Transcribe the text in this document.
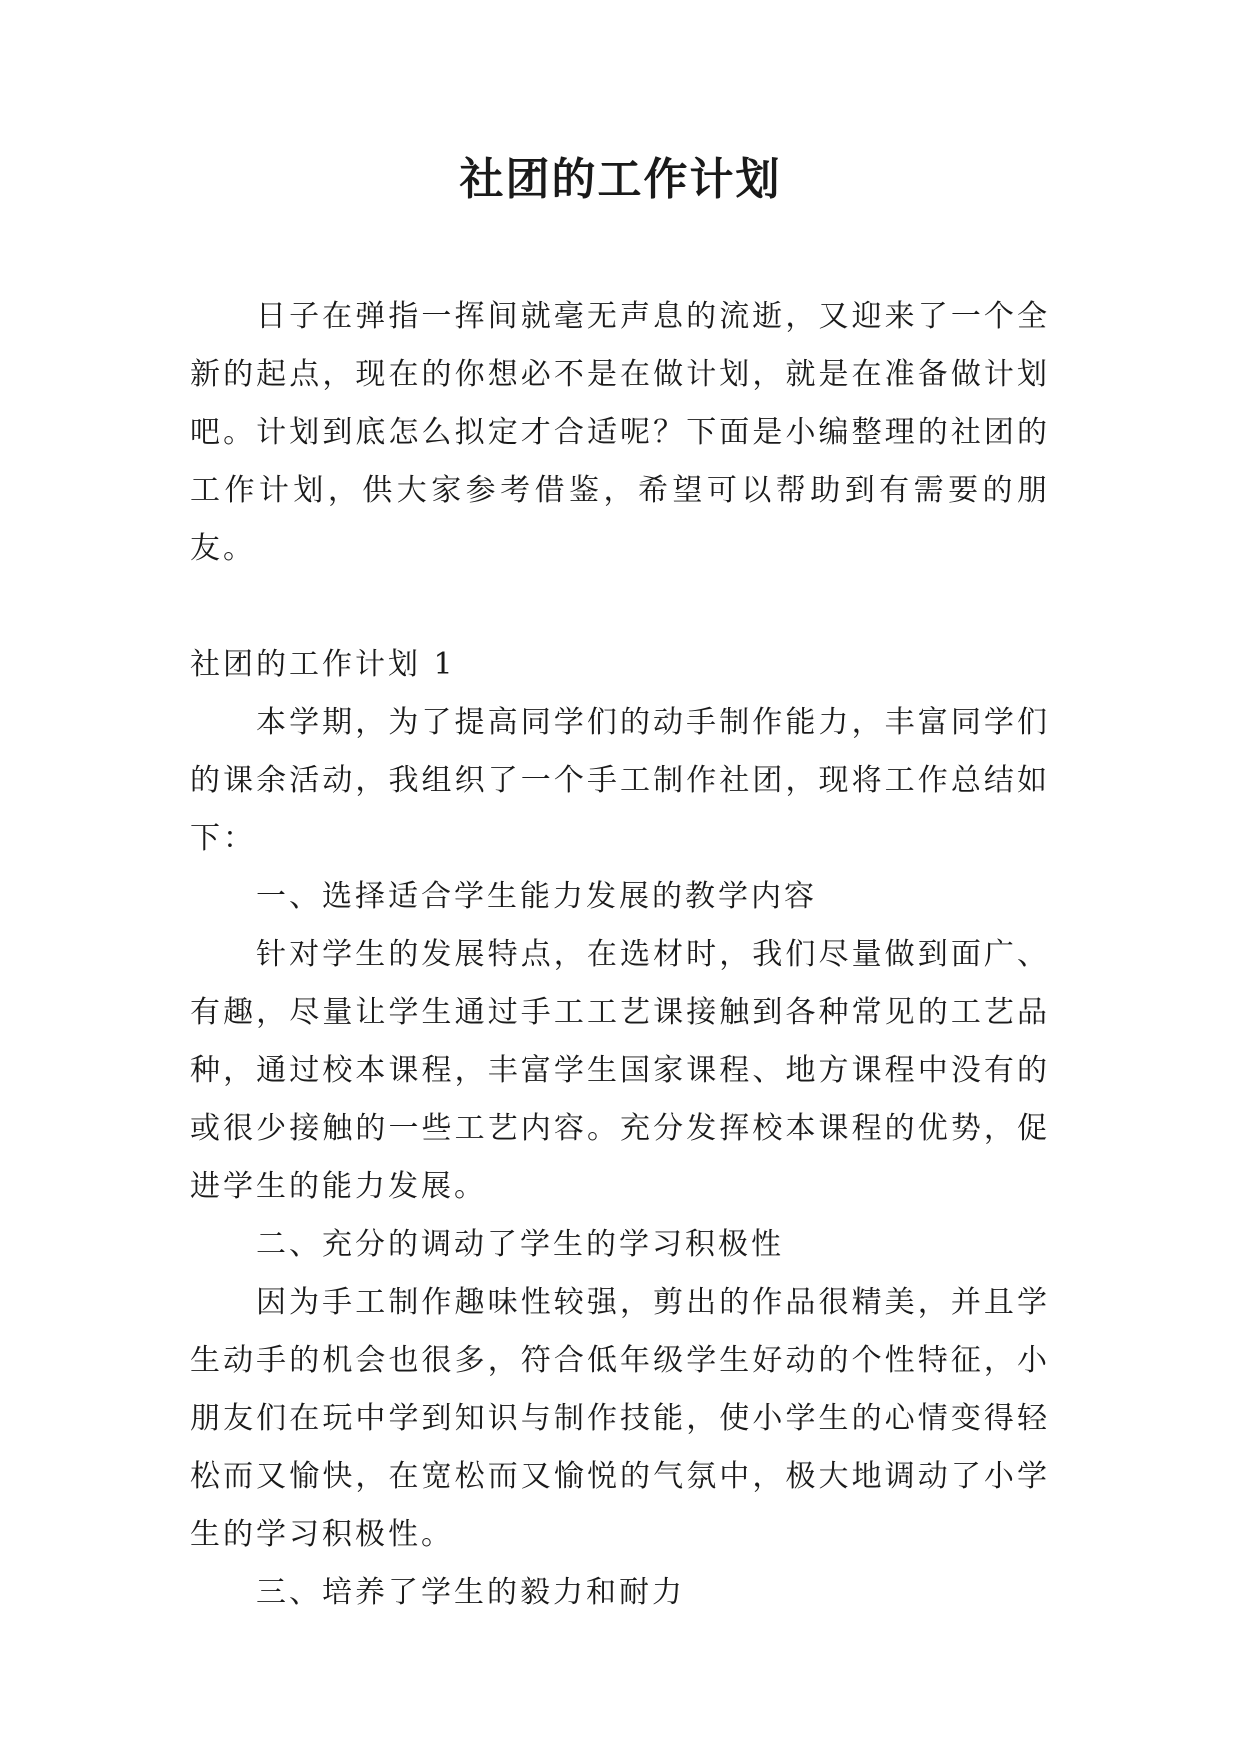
社团的工作计划

日子在弹指一挥间就毫无声息的流逝，又迎来了一个全新的起点，现在的你想必不是在做计划，就是在准备做计划吧。计划到底怎么拟定才合适呢？下面是小编整理的社团的工作计划，供大家参考借鉴，希望可以帮助到有需要的朋友。

社团的工作计划 1

本学期，为了提高同学们的动手制作能力，丰富同学们的课余活动，我组织了一个手工制作社团，现将工作总结如下：

一、选择适合学生能力发展的教学内容

针对学生的发展特点，在选材时，我们尽量做到面广、有趣，尽量让学生通过手工工艺课接触到各种常见的工艺品种，通过校本课程，丰富学生国家课程、地方课程中没有的或很少接触的一些工艺内容。充分发挥校本课程的优势，促进学生的能力发展。

二、充分的调动了学生的学习积极性

因为手工制作趣味性较强，剪出的作品很精美，并且学生动手的机会也很多，符合低年级学生好动的个性特征，小朋友们在玩中学到知识与制作技能，使小学生的心情变得轻松而又愉快，在宽松而又愉悦的气氛中，极大地调动了小学生的学习积极性。

三、培养了学生的毅力和耐力
